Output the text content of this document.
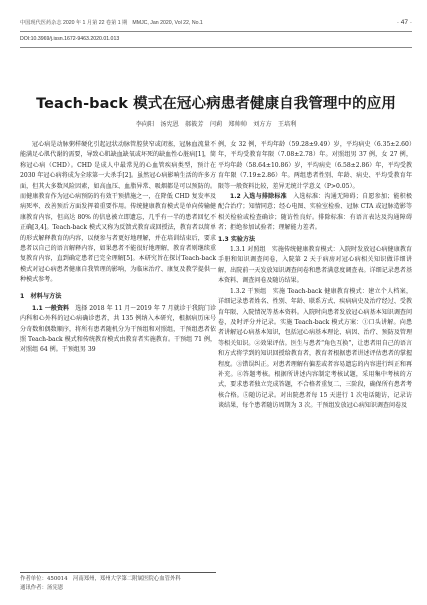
中国现代医药杂志 2020 年 1 月第 22 卷第 1 期　MMJC, Jan 2020, Vol 22, No.1	· 47 ·
DOI:10.3969/j.issn.1672-9463.2020.01.013
Teach-back 模式在冠心病患者健康自我管理中的应用
李向阳　汤宪恩　郝筱芳　闫莉　郑帅帅　刘方方　王培利

冠心病是动脉粥样硬化引起冠状动脉管腔狭窄或闭塞，冠脉血流量不能满足心肌代谢的需要，导致心肌缺血缺氧或坏死的缺血性心脏病[1]，简称冠心病（CHD）。CHD 是成人中最常见的心血管疾病类型，预计在 2030 年冠心病将成为全球第一大杀手[2]。虽然冠心病影响生活的许多方面，但其大多数风险因素，如高血压、血脂异常、吸烟都是可以预防的。而健康教育作为冠心病预防的有效干预措施之一，在降低 CHD 复发率及病死率、改善预后方面发挥着重要作用。传统健康教育模式是单向传输健康教育内容，但高达 80% 的信息被立即遗忘，几乎有一半的患者回忆不正确[3,4]。Teach-back 模式又称为反馈式教育或回授法，教育者以简单的形式解释教育的内容，以便参与者更好地理解，并在培训结束后，要求患者以自己的语言解释内容，如果患者不能很好地理解，教育者则继续重复教育内容，直到确定患者已完全理解[5]。本研究旨在探讨Teach-back 模式对冠心病患者健康自我管理的影响，为临床治疗、康复及教学提供一种模式参考。

1　材料与方法

1.1 一般资料　 选择 2018 年 11 月～2019 年 7 月就诊于我院门诊内科和心外科的冠心病确诊患者，共 135 例纳入本研究，根据病历床号分奇数和偶数顺序，将所有患者随机分为干预组和对照组，干预组患者依照 Teach-back 模式和传统教育模式由教育者实施教育。干预组 71 例，对照组 64 例。干预组男 39

例，女 32 例，平均年龄（59.28±9.49）岁，平均病史（6.35±2.60）年，平均受教育年限（7.08±2.78）年。对照组男 37 例，女 27 例，平均年龄（58.64±10.86）岁，平均病史（6.58±2.86）年，平均受教育年限（7.19±2.86）年。两组患者性别、年龄、病史、平均受教育年限等一般资料比较，差异无统计学意义（P>0.05）。

1.2 入选与排除标准　 入选标准：沟通无障碍；自愿参加；能积极配合治疗；知情同意；经心电图、实验室检验、冠脉 CTA 或冠脉造影等相关检验或检查确诊；随访性良好。排除标准：有语言表达及沟通障碍者；拒绝参加试验者；理解能力差者。

1.3 实验方法

1.3.1 对照组　实施传统健康教育模式：入院时发放冠心病健康教育手册和知识调查问卷，入院第 2 天于病房对冠心病相关知识做详细讲解，出院前一天发放知识调查问卷和患者满意度调查表。详细记录患者基本资料、调查问卷及随访结果。

1.3.2 干预组　实施 Teach-back 健康教育模式：建立个人档案，详细记录患者姓名、性别、年龄、联系方式、疾病病史及治疗经过、受教育年限、入院情况等基本资料。入院时向患者发放冠心病基本知识调查问卷，及时评分并记录。实施 Teach-back 模式方案：①口头讲解。向患者讲解冠心病基本知识，包括冠心病基本理论、病因、治疗、预防及管理等相关知识。②效果评估。医生与患者“角色互换”，让患者用自己的语言和方式将学到的知识回授给教育者，教育者根据患者讲述评估患者的掌握程度。③错误纠正。对患者理解有偏差或者容易遗忘的内容进行纠正和再补充。④答题考核。根据所讲述内容制定考核试题，采用集中考核的方式，要求患者独立完成答题，不合格者重复二、三阶段，确保所有患者考核合格。⑤随访记录。对出院患者每 15 天进行 1 次电话随访，记录访谈结果，每个患者随访周期为 3 次。干预组发放冠心病知识调查问卷及

作者单位：450014　河南郑州，郑州大学第二附属医院心血管外科
通讯作者：汤宪恩
